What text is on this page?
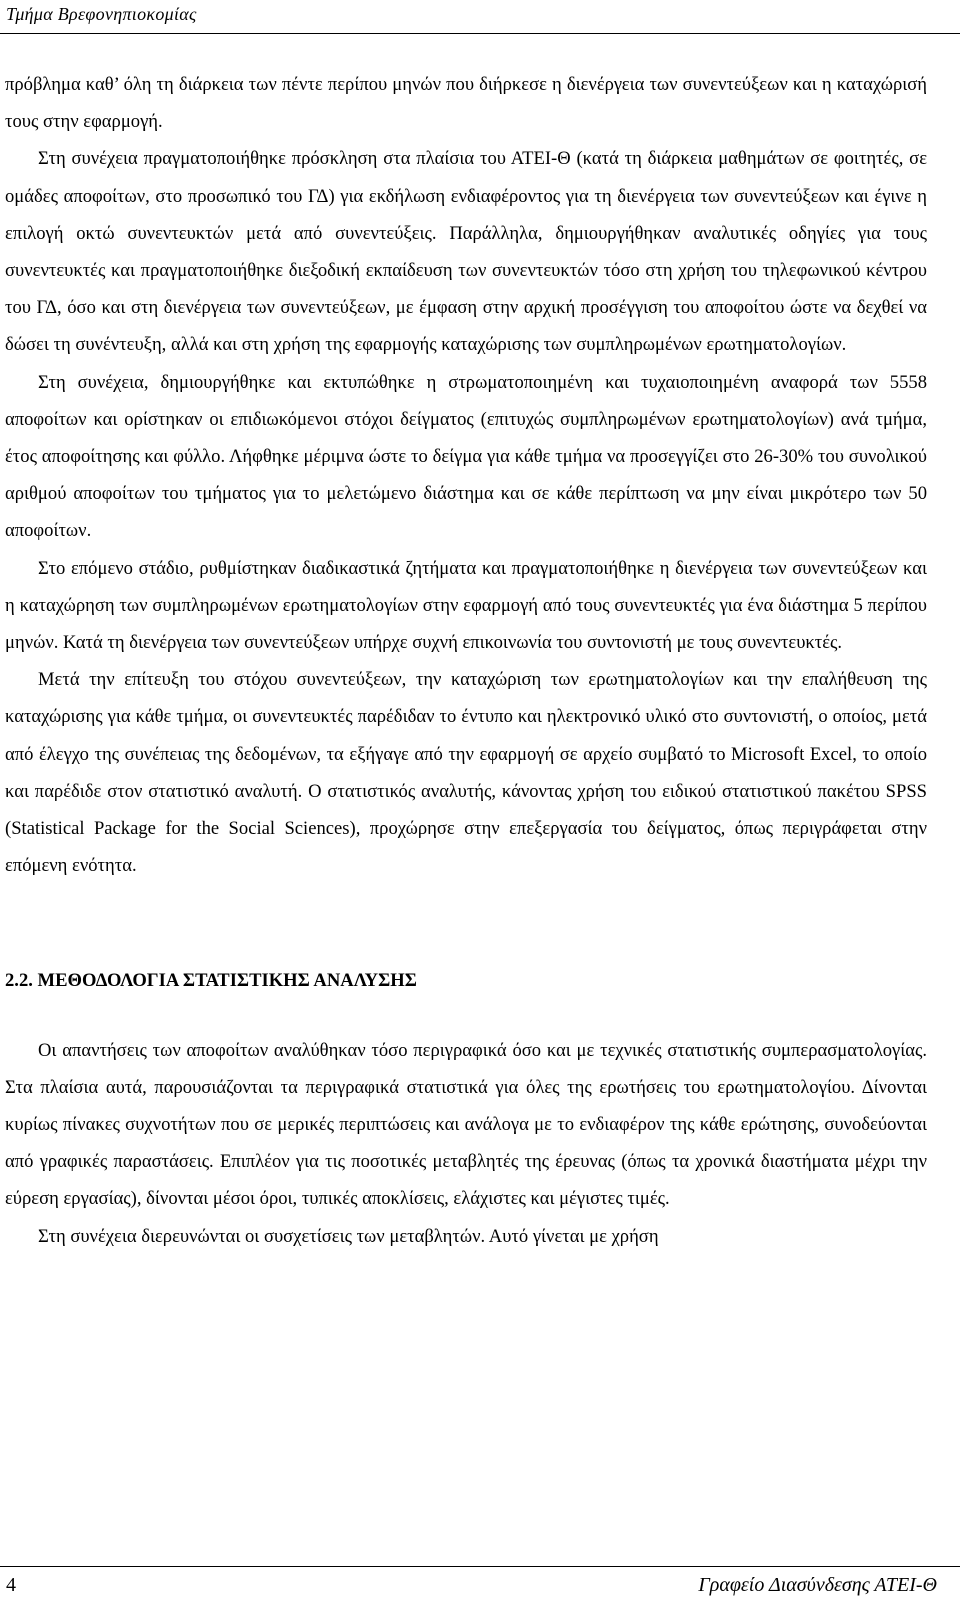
Τμήμα Βρεφονηπιοκομίας

πρόβλημα καθ’ όλη τη διάρκεια των πέντε περίπου μηνών που διήρκεσε η διενέργεια των συνεντεύξεων και η καταχώρισή τους στην εφαρμογή.

Στη συνέχεια πραγματοποιήθηκε πρόσκληση στα πλαίσια του ΑΤΕΙ-Θ (κατά τη διάρκεια μαθημάτων σε φοιτητές, σε ομάδες αποφοίτων, στο προσωπικό του ΓΔ) για εκδήλωση ενδιαφέροντος για τη διενέργεια των συνεντεύξεων και έγινε η επιλογή οκτώ συνεντευκτών μετά από συνεντεύξεις. Παράλληλα, δημιουργήθηκαν αναλυτικές οδηγίες για τους συνεντευκτές και πραγματοποιήθηκε διεξοδική εκπαίδευση των συνεντευκτών τόσο στη χρήση του τηλεφωνικού κέντρου του ΓΔ, όσο και στη διενέργεια των συνεντεύξεων, με έμφαση στην αρχική προσέγγιση του αποφοίτου ώστε να δεχθεί να δώσει τη συνέντευξη, αλλά και στη χρήση της εφαρμογής καταχώρισης των συμπληρωμένων ερωτηματολογίων.

Στη συνέχεια, δημιουργήθηκε και εκτυπώθηκε η στρωματοποιημένη και τυχαιοποιημένη αναφορά των 5558 αποφοίτων και ορίστηκαν οι επιδιωκόμενοι στόχοι δείγματος (επιτυχώς συμπληρωμένων ερωτηματολογίων) ανά τμήμα, έτος αποφοίτησης και φύλλο. Λήφθηκε μέριμνα ώστε το δείγμα για κάθε τμήμα να προσεγγίζει στο 26-30% του συνολικού αριθμού αποφοίτων του τμήματος για το μελετώμενο διάστημα και σε κάθε περίπτωση να μην είναι μικρότερο των 50 αποφοίτων.

Στο επόμενο στάδιο, ρυθμίστηκαν διαδικαστικά ζητήματα και πραγματοποιήθηκε η διενέργεια των συνεντεύξεων και η καταχώρηση των συμπληρωμένων ερωτηματολογίων στην εφαρμογή από τους συνεντευκτές για ένα διάστημα 5 περίπου μηνών. Κατά τη διενέργεια των συνεντεύξεων υπήρχε συχνή επικοινωνία του συντονιστή με τους συνεντευκτές.

Μετά την επίτευξη του στόχου συνεντεύξεων, την καταχώριση των ερωτηματολογίων και την επαλήθευση της καταχώρισης για κάθε τμήμα, οι συνεντευκτές παρέδιδαν το έντυπο και ηλεκτρονικό υλικό στο συντονιστή, ο οποίος, μετά από έλεγχο της συνέπειας της δεδομένων, τα εξήγαγε από την εφαρμογή σε αρχείο συμβατό το Microsoft Excel, το οποίο και παρέδιδε στον στατιστικό αναλυτή. Ο στατιστικός αναλυτής, κάνοντας χρήση του ειδικού στατιστικού πακέτου SPSS (Statistical Package for the Social Sciences), προχώρησε στην επεξεργασία του δείγματος, όπως περιγράφεται στην επόμενη ενότητα.

2.2. ΜΕΘΟΔΟΛΟΓΙΑ ΣΤΑΤΙΣΤΙΚΗΣ ΑΝΑΛΥΣΗΣ

Οι απαντήσεις των αποφοίτων αναλύθηκαν τόσο περιγραφικά όσο και με τεχνικές στατιστικής συμπερασματολογίας. Στα πλαίσια αυτά, παρουσιάζονται τα περιγραφικά στατιστικά για όλες της ερωτήσεις του ερωτηματολογίου. Δίνονται κυρίως πίνακες συχνοτήτων που σε μερικές περιπτώσεις και ανάλογα με το ενδιαφέρον της κάθε ερώτησης, συνοδεύονται από γραφικές παραστάσεις. Επιπλέον για τις ποσοτικές μεταβλητές της έρευνας (όπως τα χρονικά διαστήματα μέχρι την εύρεση εργασίας), δίνονται μέσοι όροι, τυπικές αποκλίσεις, ελάχιστες και μέγιστες τιμές.

Στη συνέχεια διερευνώνται οι συσχετίσεις των μεταβλητών. Αυτό γίνεται με χρήση

4	Γραφείο Διασύνδεσης ΑΤΕΙ-Θ
